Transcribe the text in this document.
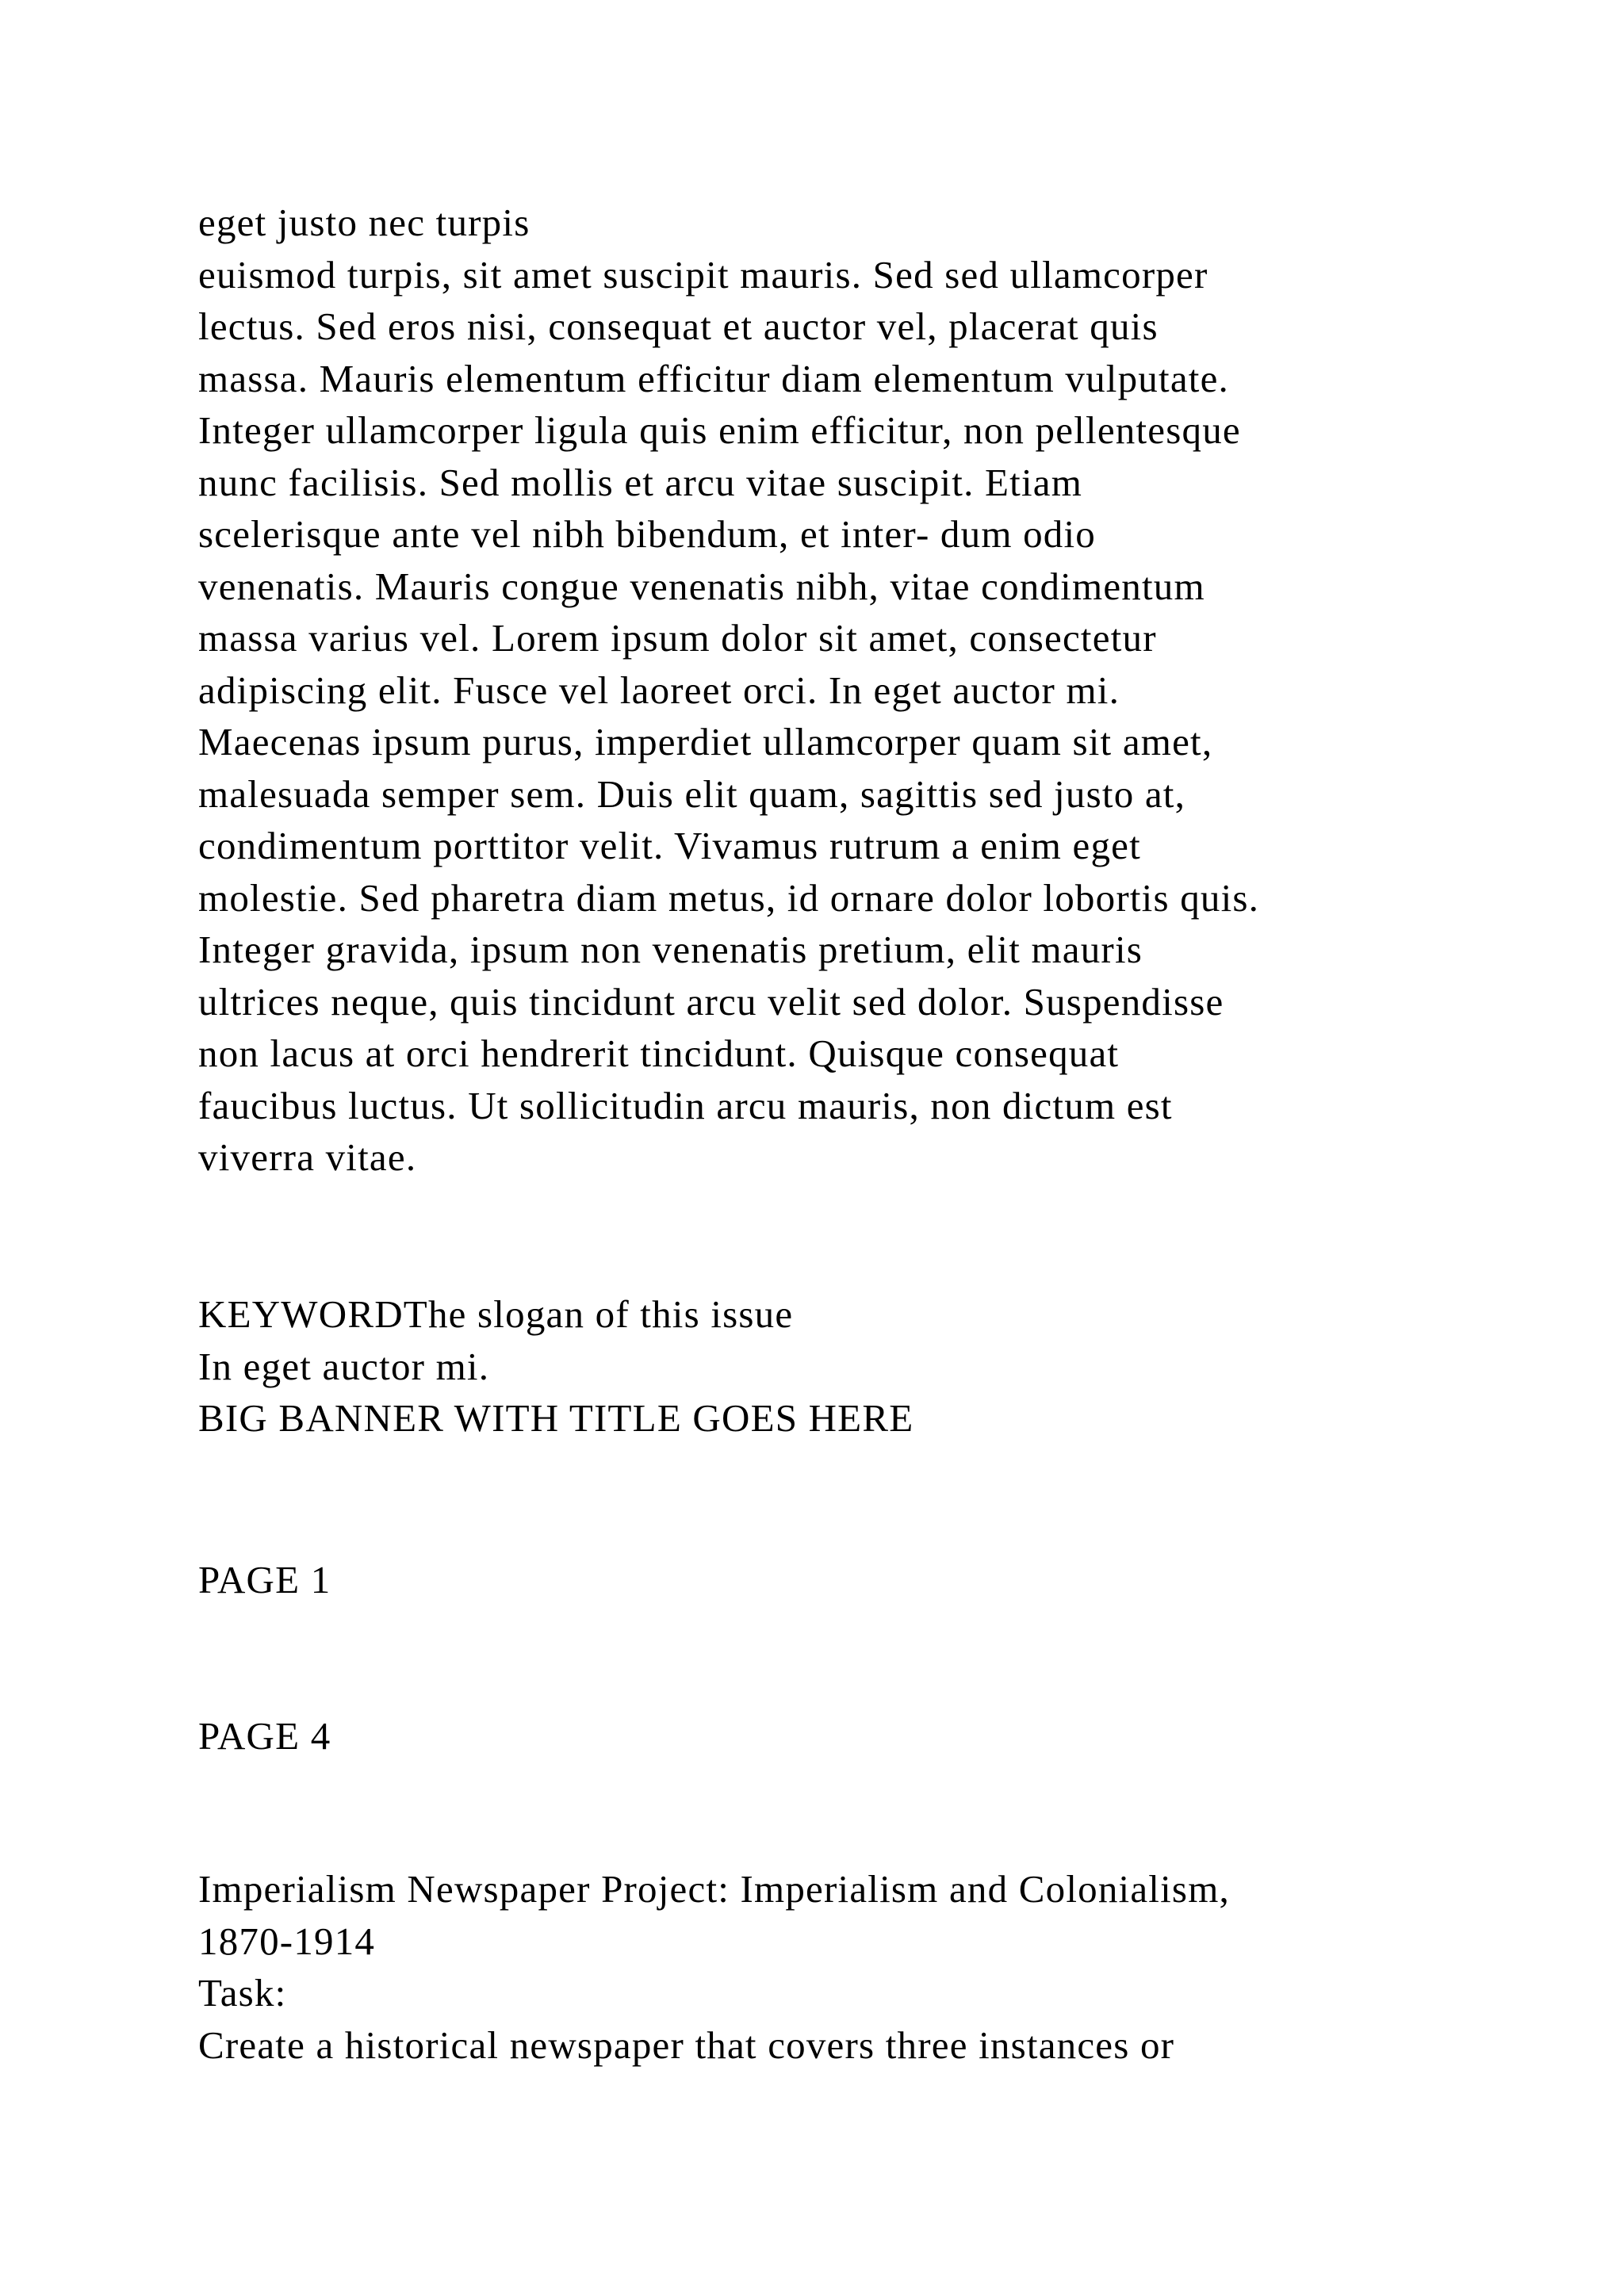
eget justo nec turpis
euismod turpis, sit amet suscipit mauris. Sed sed ullamcorper
lectus. Sed eros nisi, consequat et auctor vel, placerat quis
massa. Mauris elementum efficitur diam elementum vulputate.
Integer ullamcorper ligula quis enim efficitur, non pellentesque
nunc facilisis. Sed mollis et arcu vitae suscipit. Etiam
scelerisque ante vel nibh bibendum, et inter- dum odio
venenatis. Mauris congue venenatis nibh, vitae condimentum
massa varius vel. Lorem ipsum dolor sit amet, consectetur
adipiscing elit. Fusce vel laoreet orci. In eget auctor mi.
Maecenas ipsum purus, imperdiet ullamcorper quam sit amet,
malesuada semper sem. Duis elit quam, sagittis sed justo at,
condimentum porttitor velit. Vivamus rutrum a enim eget
molestie. Sed pharetra diam metus, id ornare dolor lobortis quis.
Integer gravida, ipsum non venenatis pretium, elit mauris
ultrices neque, quis tincidunt arcu velit sed dolor. Suspendisse
non lacus at orci hendrerit tincidunt. Quisque consequat
faucibus luctus. Ut sollicitudin arcu mauris, non dictum est
viverra vitae.
KEYWORDThe slogan of this issue
In eget auctor mi.
BIG BANNER WITH TITLE GOES HERE
PAGE 1
PAGE 4
Imperialism Newspaper Project: Imperialism and Colonialism,
1870-1914
Task:
Create a historical newspaper that covers three instances or
